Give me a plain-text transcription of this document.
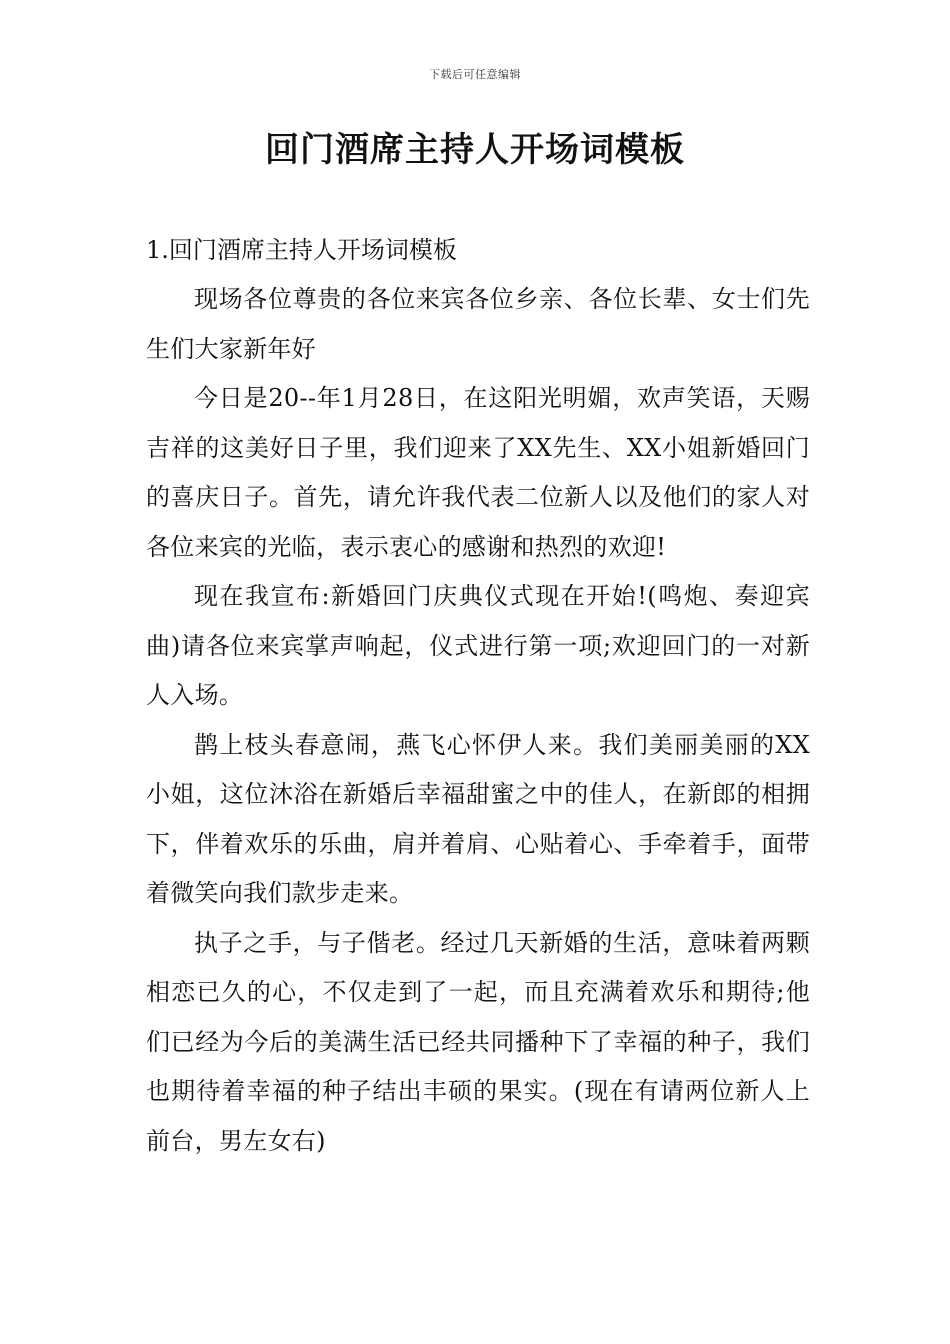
下载后可任意编辑
回门酒席主持人开场词模板

1.回门酒席主持人开场词模板

现场各位尊贵的各位来宾各位乡亲、各位长辈、女士们先生们大家新年好

今日是20--年1月28日，在这阳光明媚，欢声笑语，天赐吉祥的这美好日子里，我们迎来了XX先生、XX小姐新婚回门的喜庆日子。首先，请允许我代表二位新人以及他们的家人对各位来宾的光临，表示衷心的感谢和热烈的欢迎!

现在我宣布:新婚回门庆典仪式现在开始!(鸣炮、奏迎宾曲)请各位来宾掌声响起，仪式进行第一项;欢迎回门的一对新人入场。

鹊上枝头春意闹，燕飞心怀伊人来。我们美丽美丽的XX小姐，这位沐浴在新婚后幸福甜蜜之中的佳人，在新郎的相拥下，伴着欢乐的乐曲，肩并着肩、心贴着心、手牵着手，面带着微笑向我们款步走来。

执子之手，与子偕老。经过几天新婚的生活，意味着两颗相恋已久的心，不仅走到了一起，而且充满着欢乐和期待;他们已经为今后的美满生活已经共同播种下了幸福的种子，我们也期待着幸福的种子结出丰硕的果实。(现在有请两位新人上前台，男左女右)
